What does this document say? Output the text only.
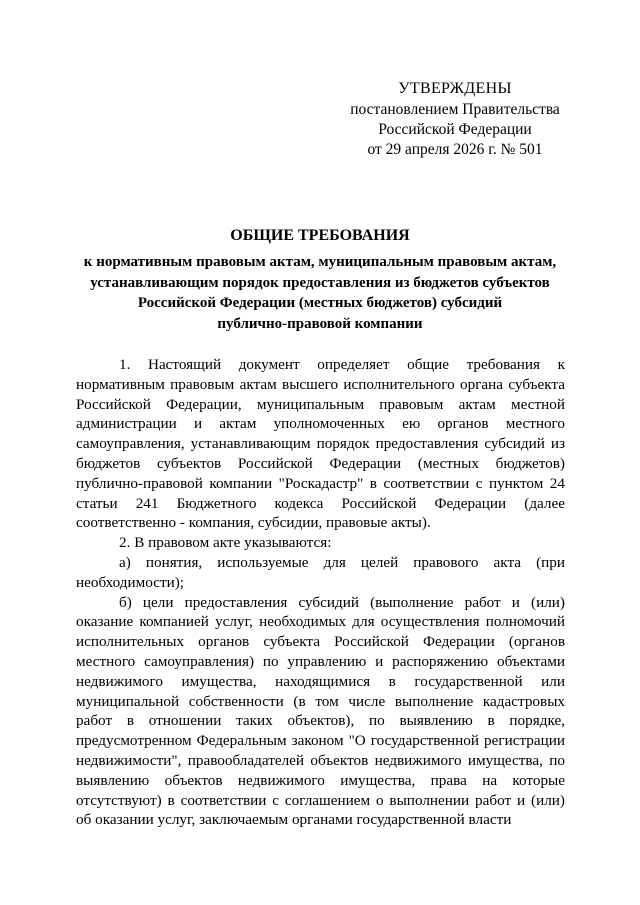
УТВЕРЖДЕНЫ
постановлением Правительства
Российской Федерации
от 29 апреля 2026 г. № 501
ОБЩИЕ ТРЕБОВАНИЯ
к нормативным правовым актам, муниципальным правовым актам,
устанавливающим порядок предоставления из бюджетов субъектов
Российской Федерации (местных бюджетов) субсидий
публично-правовой компании

1. Настоящий документ определяет общие требования к нормативным правовым актам высшего исполнительного органа субъекта Российской Федерации, муниципальным правовым актам местной администрации и актам уполномоченных ею органов местного самоуправления, устанавливающим порядок предоставления субсидий из бюджетов субъектов Российской Федерации (местных бюджетов) публично-правовой компании "Роскадастр" в соответствии с пунктом 24 статьи 241 Бюджетного кодекса Российской Федерации (далее соответственно - компания, субсидии, правовые акты).

2. В правовом акте указываются:

а) понятия, используемые для целей правового акта (при необходимости);

б) цели предоставления субсидий (выполнение работ и (или) оказание компанией услуг, необходимых для осуществления полномочий исполнительных органов субъекта Российской Федерации (органов местного самоуправления) по управлению и распоряжению объектами недвижимого имущества, находящимися в государственной или муниципальной собственности (в том числе выполнение кадастровых работ в отношении таких объектов), по выявлению в порядке, предусмотренном Федеральным законом "О государственной регистрации недвижимости", правообладателей объектов недвижимого имущества, по выявлению объектов недвижимого имущества, права на которые отсутствуют) в соответствии с соглашением о выполнении работ и (или) об оказании услуг, заключаемым органами государственной власти
